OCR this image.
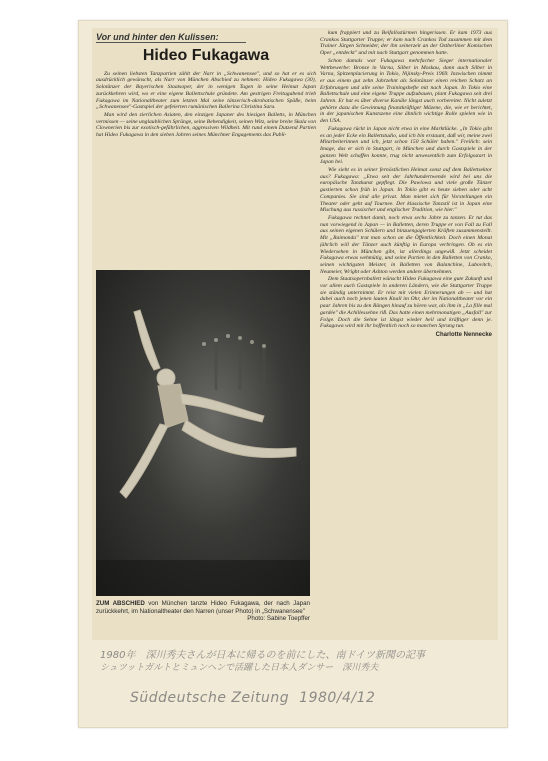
Vor und hinter den Kulissen:
Hideo Fukagawa

Zu seinen liebsten Tanzpartien zählt der Narr in „Schwanensee", und so hat er es sich ausdrücklich gewünscht, als Narr von München Abschied zu nehmen: Hideo Fukagawa (30), Solotänzer der Bayerischen Staatsoper, der in wenigen Tagen in seine Heimat Japan zurückkehren wird, wo er eine eigene Ballettschule gründete. Am gestrigen Freitagabend trieb Fukagawa im Nationaltheater zum letzten Mal seine tänzerisch-akrobatischen Späße, beim „Schwanensee"-Gastspiel der gefeierten rumänischen Ballerina Christina Saru.

Man wird den zierlichen Asiaten, den einzigen Japaner des hiesigen Balletts, in München vermissen — seine unglaublichen Sprünge, seine Behendigkeit, seinen Witz, seine breite Skala von Clownerien bis zur exotisch-gefährlichen, aggressiven Wildheit. Mit rund einem Dutzend Partien hat Hideo Fukagawa in den sieben Jahren seines Münchner Engagements das Publi-

ZUM ABSCHIED von München tanzte Hideo Fukagawa, der nach Japan zurückkehrt, im Nationaltheater den Narren (unser Photo) in „Schwanensee"
Photo: Sabine Toepffer

kum frappiert und zu Beifallsstürmen hingerissen. Er kam 1973 aus Crankos Stuttgarter Truppe; er kam nach Crankos Tod zusammen mit dem Trainer Jürgen Schneider, der ihn seinerzeit an der Ostberliner Komischen Oper „entdeckt" und mit nach Stuttgart genommen hatte.

Schon damals war Fukagawa mehrfacher Sieger internationaler Wettbewerbe: Bronze in Varna, Silber in Moskau, dann auch Silber in Varna, Spitzenplacierung in Tokio, Nijinsky-Preis 1969. Inzwischen nimmt er aus einem gut zehn Jahrzehnt als Solotänzer einen reichen Schatz an Erfahrungen und alle seine Trainingshefte mit nach Japan. In Tokio eine Ballettschule und eine eigene Truppe aufzubauen, plant Fukagawa seit drei Jahren. Er hat es über diverse Kanäle längst auch vorbereitet. Nicht zuletzt gehörte dazu die Gewinnung finanzkräftiger Mäzene, die, wie er berichtet, in der japanischen Kunstszene eine ähnlich wichtige Rolle spielen wie in den USA.

Fukagawa rückt in Japan nicht etwa in eine Marktlücke. „In Tokio gibt es an jeder Ecke ein Ballettstudio, und ich bin erstaunt, daß wir, meine zwei Mitarbeiterinnen und ich, jetzt schon 150 Schüler haben." Freilich: sein Image, das er sich in Stuttgart, in München und durch Gastspiele in der ganzen Welt schaffen konnte, trug nicht unwesentlich zum Erfolgsstart in Japan bei.

Wie sieht es in seiner fernöstlichen Heimat sonst auf dem Ballettsektor aus? Fukagawa: „Etwa seit der Jahrhundertwende wird bei uns die europäische Tanzkunst gepflegt. Die Pawlowa und viele große Tänzer gastierten schon früh in Japan. In Tokio gibt es heute sieben oder acht Companies. Sie sind alle privat. Man mietet sich für Vorstellungen ein Theater oder geht auf Tournee. Der klassische Tanzstil ist in Japan eine Mischung aus russischer und englischer Tradition, wie hier."

Fukagawa rechnet damit, noch etwa sechs Jahre zu tanzen. Er tut das nun vorwiegend in Japan — in Balletten, deren Truppe er von Fall zu Fall aus seinen eigenen Schülern und hinzuengagierten Kräften zusammenstellt. Mit „Raimonda" trat man schon an die Öffentlichkeit. Doch einen Monat jährlich will der Tänzer auch künftig in Europa verbringen. Ob es ein Wiedersehen in München gibt, ist allerdings ungewiß. Jetzt scheidet Fukagawa etwas wehmütig, und seine Partien in den Balletten von Cranko, seinen wichtigsten Meister, in Balletten von Balanchine, Lubovitch, Neumeier, Wright oder Ashton werden andere übernehmen.

Dem Staatsopernballett wünscht Hideo Fukagawa eine gute Zukunft und vor allem auch Gastspiele in anderen Ländern, wie die Stuttgarter Truppe sie ständig unternimmt. Er reist mit vielen Erinnerungen ab — und hat dabei auch noch jenen lauten Knall im Ohr, der im Nationaltheater vor ein paar Jahren bis zu den Rängen hinauf zu hören war, als ihm in „La fille mal gardée" die Achillessehne riß. Das hatte einen mehrmonatigen „Ausfall" zur Folge. Doch die Sehne ist längst wieder heil und kräftiger denn je. Fukagawa wird mit ihr hoffentlich noch so manchen Sprung tun.

Charlotte Nennecke
1980年　深川秀夫さんが日本に帰るのを前にした、南ドイツ新聞の記事
シュツットガルトとミュンヘンで活躍した日本人ダンサー　深川秀夫
Süddeutsche Zeitung 1980/4/12
